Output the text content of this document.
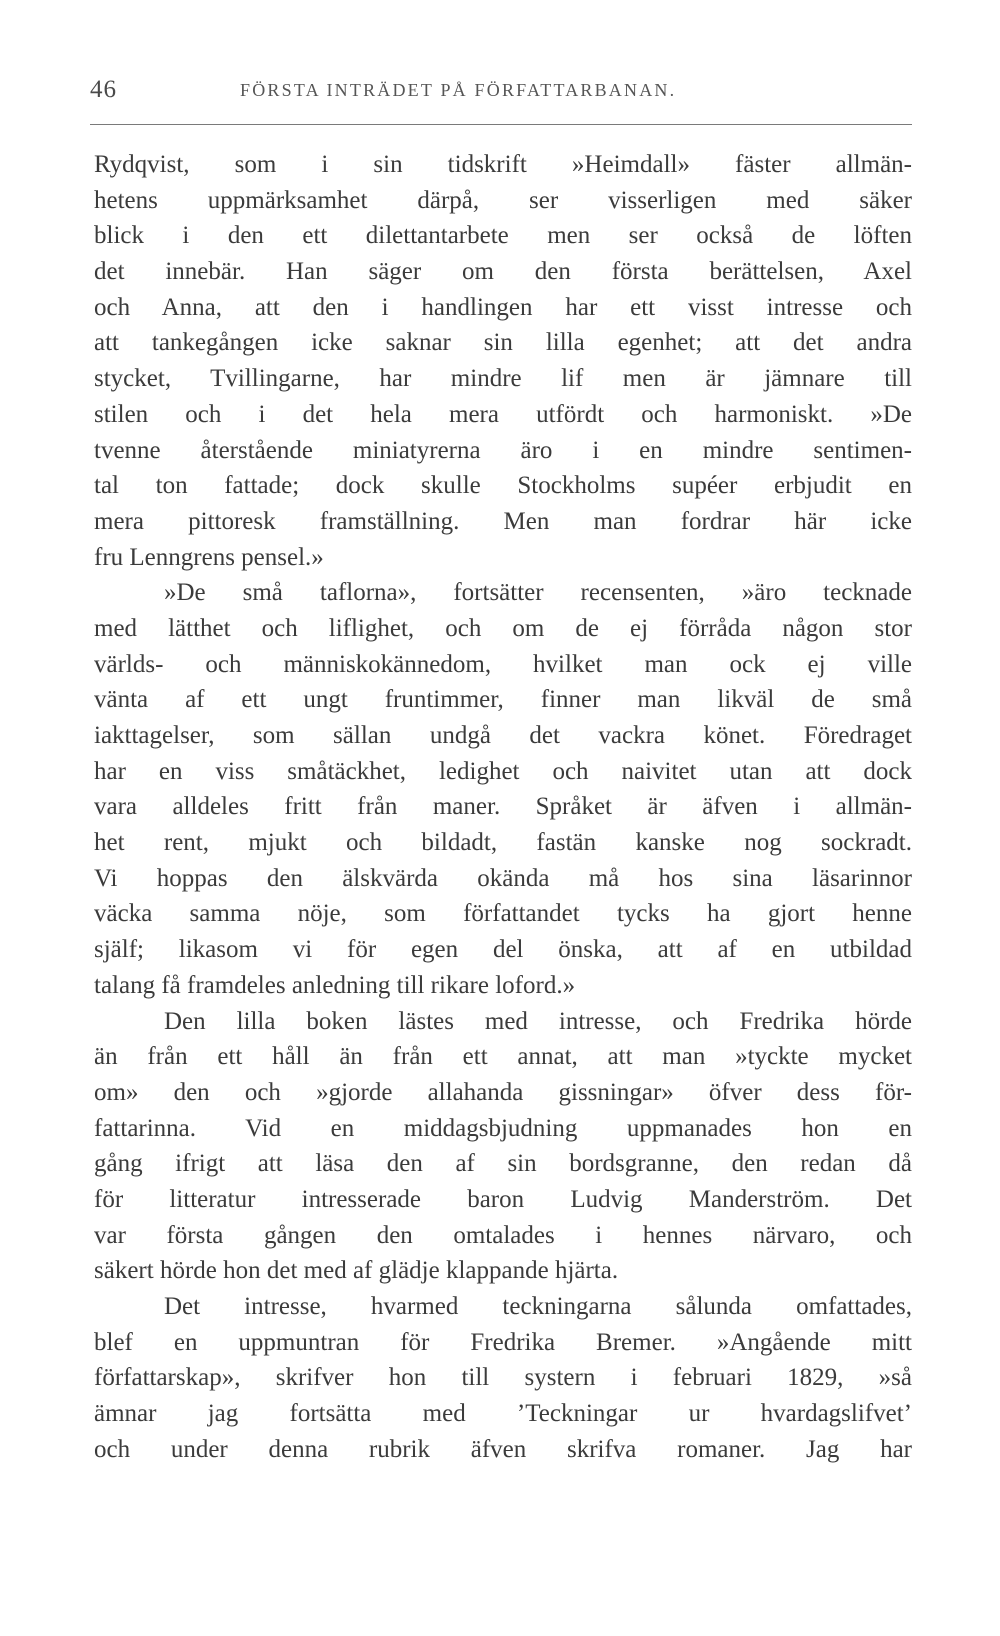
46	FÖRSTA INTRÄDET PÅ FÖRFATTARBANAN.
Rydqvist, som i sin tidskrift »Heimdall» fäster allmän-
hetens uppmärksamhet därpå, ser visserligen med säker
blick i den ett dilettantarbete men ser också de löften
det innebär. Han säger om den första berättelsen, Axel
och Anna, att den i handlingen har ett visst intresse och
att tankegången icke saknar sin lilla egenhet; att det andra
stycket, Tvillingarne, har mindre lif men är jämnare till
stilen och i det hela mera utfördt och harmoniskt. »De
tvenne återstående miniatyrerna äro i en mindre sentimen-
tal ton fattade; dock skulle Stockholms supéer erbjudit en
mera pittoresk framställning. Men man fordrar här icke
fru Lenngrens pensel.»
»De små taflorna», fortsätter recensenten, »äro tecknade
med lätthet och liflighet, och om de ej förråda någon stor
världs- och människokännedom, hvilket man ock ej ville
vänta af ett ungt fruntimmer, finner man likväl de små
iakttagelser, som sällan undgå det vackra könet. Föredraget
har en viss småtäckhet, ledighet och naivitet utan att dock
vara alldeles fritt från maner. Språket är äfven i allmän-
het rent, mjukt och bildadt, fastän kanske nog sockradt.
Vi hoppas den älskvärda okända må hos sina läsarinnor
väcka samma nöje, som författandet tycks ha gjort henne
själf; likasom vi för egen del önska, att af en utbildad
talang få framdeles anledning till rikare loford.»
Den lilla boken lästes med intresse, och Fredrika hörde
än från ett håll än från ett annat, att man »tyckte mycket
om» den och »gjorde allahanda gissningar» öfver dess för-
fattarinna. Vid en middagsbjudning uppmanades hon en
gång ifrigt att läsa den af sin bordsgranne, den redan då
för litteratur intresserade baron Ludvig Manderström. Det
var första gången den omtalades i hennes närvaro, och
säkert hörde hon det med af glädje klappande hjärta.
Det intresse, hvarmed teckningarna sålunda omfattades,
blef en uppmuntran för Fredrika Bremer. »Angående mitt
författarskap», skrifver hon till systern i februari 1829, »så
ämnar jag fortsätta med ’Teckningar ur hvardagslifvet’
och under denna rubrik äfven skrifva romaner. Jag har
